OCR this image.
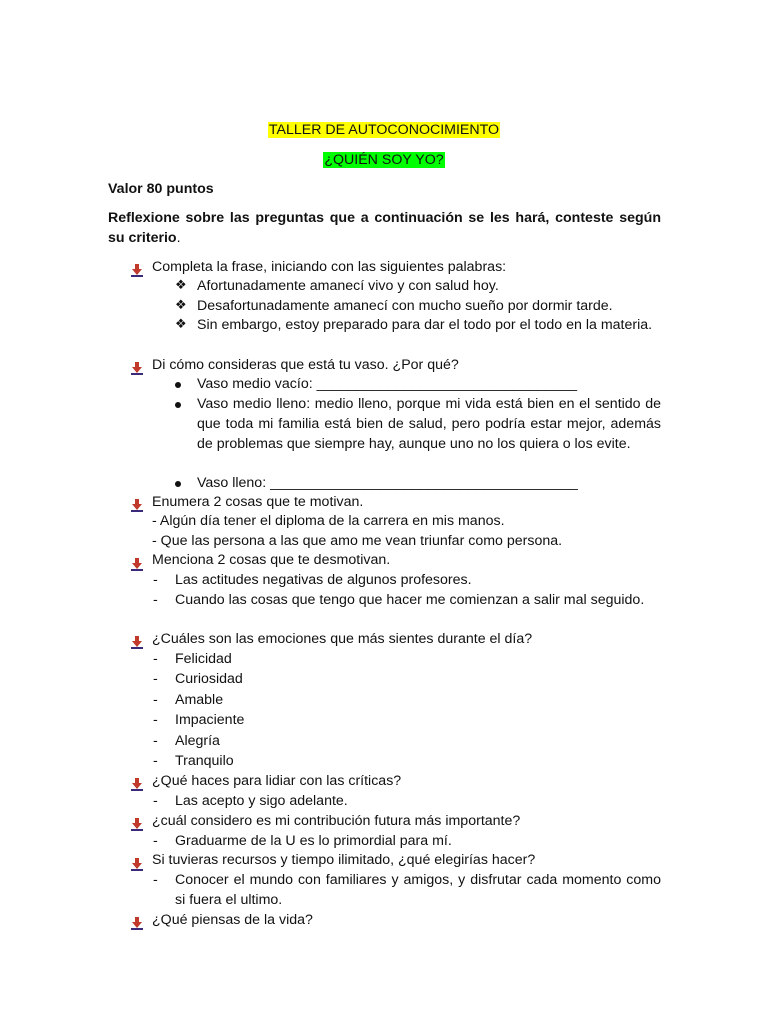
TALLER DE AUTOCONOCIMIENTO
¿QUIÉN SOY YO?
Valor 80 puntos
Reflexione sobre las preguntas que a continuación se les hará, conteste según su criterio.
Completa la frase, iniciando con las siguientes palabras:
❖ Afortunadamente amanecí vivo y con salud hoy.
❖ Desafortunadamente amanecí con mucho sueño por dormir tarde.
❖ Sin embargo, estoy preparado para dar el todo por el todo en la materia.
Di cómo consideras que está tu vaso. ¿Por qué?
Vaso medio vacío: _________________________________
Vaso medio lleno: medio lleno, porque mi vida está bien en el sentido de que toda mi familia está bien de salud, pero podría estar mejor, además de problemas que siempre hay, aunque uno no los quiera o los evite.
Vaso lleno: _______________________________________
Enumera 2 cosas que te motivan.
- Algún día tener el diploma de la carrera en mis manos.
- Que las persona a las que amo me vean triunfar como persona.
Menciona 2 cosas que te desmotivan.
- Las actitudes negativas de algunos profesores.
- Cuando las cosas que tengo que hacer me comienzan a salir mal seguido.
¿Cuáles son las emociones que más sientes durante el día?
- Felicidad
- Curiosidad
- Amable
- Impaciente
- Alegría
- Tranquilo
¿Qué haces para lidiar con las críticas?
- Las acepto y sigo adelante.
¿cuál considero es mi contribución futura más importante?
- Graduarme de la U es lo primordial para mí.
Si tuvieras recursos y tiempo ilimitado, ¿qué elegirías hacer?
- Conocer el mundo con familiares y amigos, y disfrutar cada momento como si fuera el ultimo.
¿Qué piensas de la vida?
